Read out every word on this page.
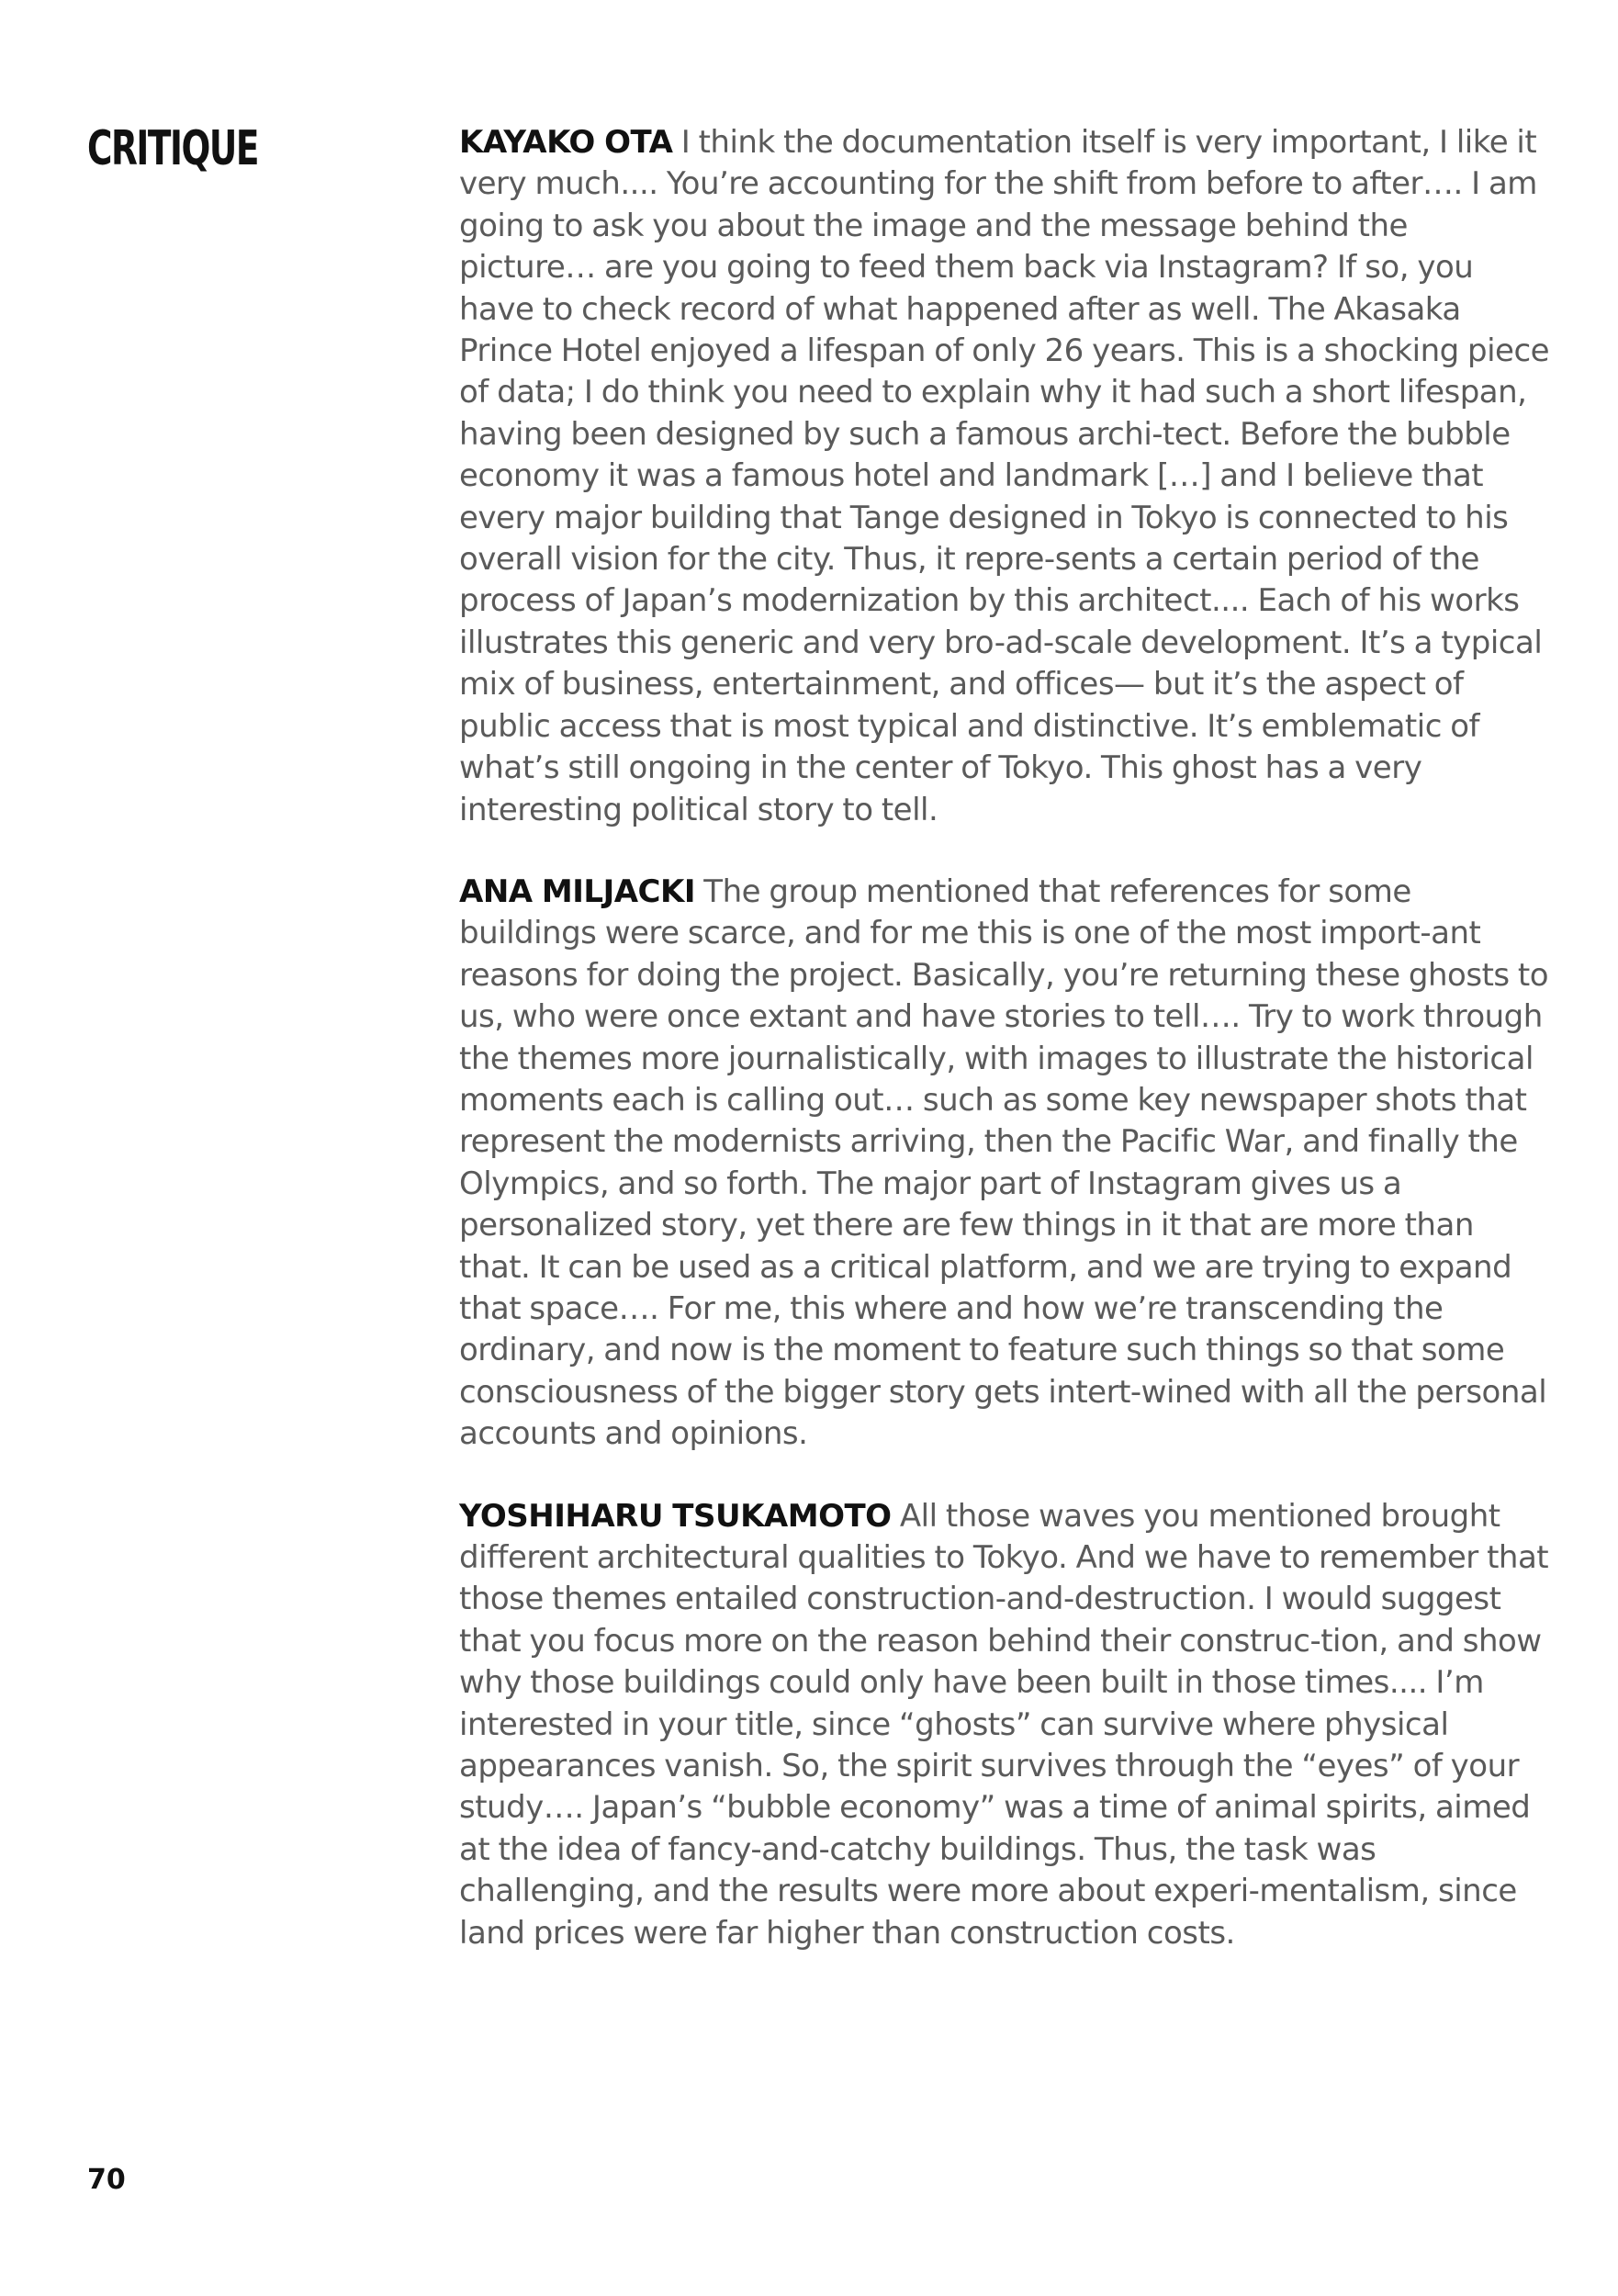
CRITIQUE	KAYAKO OTA I think the documentation itself is very important, I like it very much.... You’re accounting for the shift from before to after…. I am going to ask you about the image and the message behind the picture… are you going to feed them back via Instagram? If so, you have to check record of what happened after as well. The Akasaka Prince Hotel enjoyed a lifespan of only 26 years. This is a shocking piece of data; I do think you need to explain why it had such a short lifespan, having been designed by such a famous archi-tect. Before the bubble economy it was a famous hotel and landmark […] and I believe that every major building that Tange designed in Tokyo is connected to his overall vision for the city. Thus, it repre-sents a certain period of the process of Japan’s modernization by this architect.... Each of his works illustrates this generic and very bro-ad-scale development. It’s a typical mix of business, entertainment, and offices— but it’s the aspect of public access that is most typical and distinctive. It’s emblematic of what’s still ongoing in the center of Tokyo. This ghost has a very interesting political story to tell.

ANA MILJACKI The group mentioned that references for some buildings were scarce, and for me this is one of the most import-ant reasons for doing the project. Basically, you’re returning these ghosts to us, who were once extant and have stories to tell…. Try to work through the themes more journalistically, with images to illustrate the historical moments each is calling out… such as some key newspaper shots that represent the modernists arriving, then the Pacific War, and finally the Olympics, and so forth. The major part of Instagram gives us a personalized story, yet there are few things in it that are more than that. It can be used as a critical platform, and we are trying to expand that space…. For me, this where and how we’re transcending the ordinary, and now is the moment to feature such things so that some consciousness of the bigger story gets intert-wined with all the personal accounts and opinions.

YOSHIHARU TSUKAMOTO All those waves you mentioned brought different architectural qualities to Tokyo. And we have to remember that those themes entailed construction-and-destruction. I would suggest that you focus more on the reason behind their construc-tion, and show why those buildings could only have been built in those times.... I’m interested in your title, since “ghosts” can survive where physical appearances vanish. So, the spirit survives through the “eyes” of your study…. Japan’s “bubble economy” was a time of animal spirits, aimed at the idea of fancy-and-catchy buildings. Thus, the task was challenging, and the results were more about experi-mentalism, since land prices were far higher than construction costs.

70
